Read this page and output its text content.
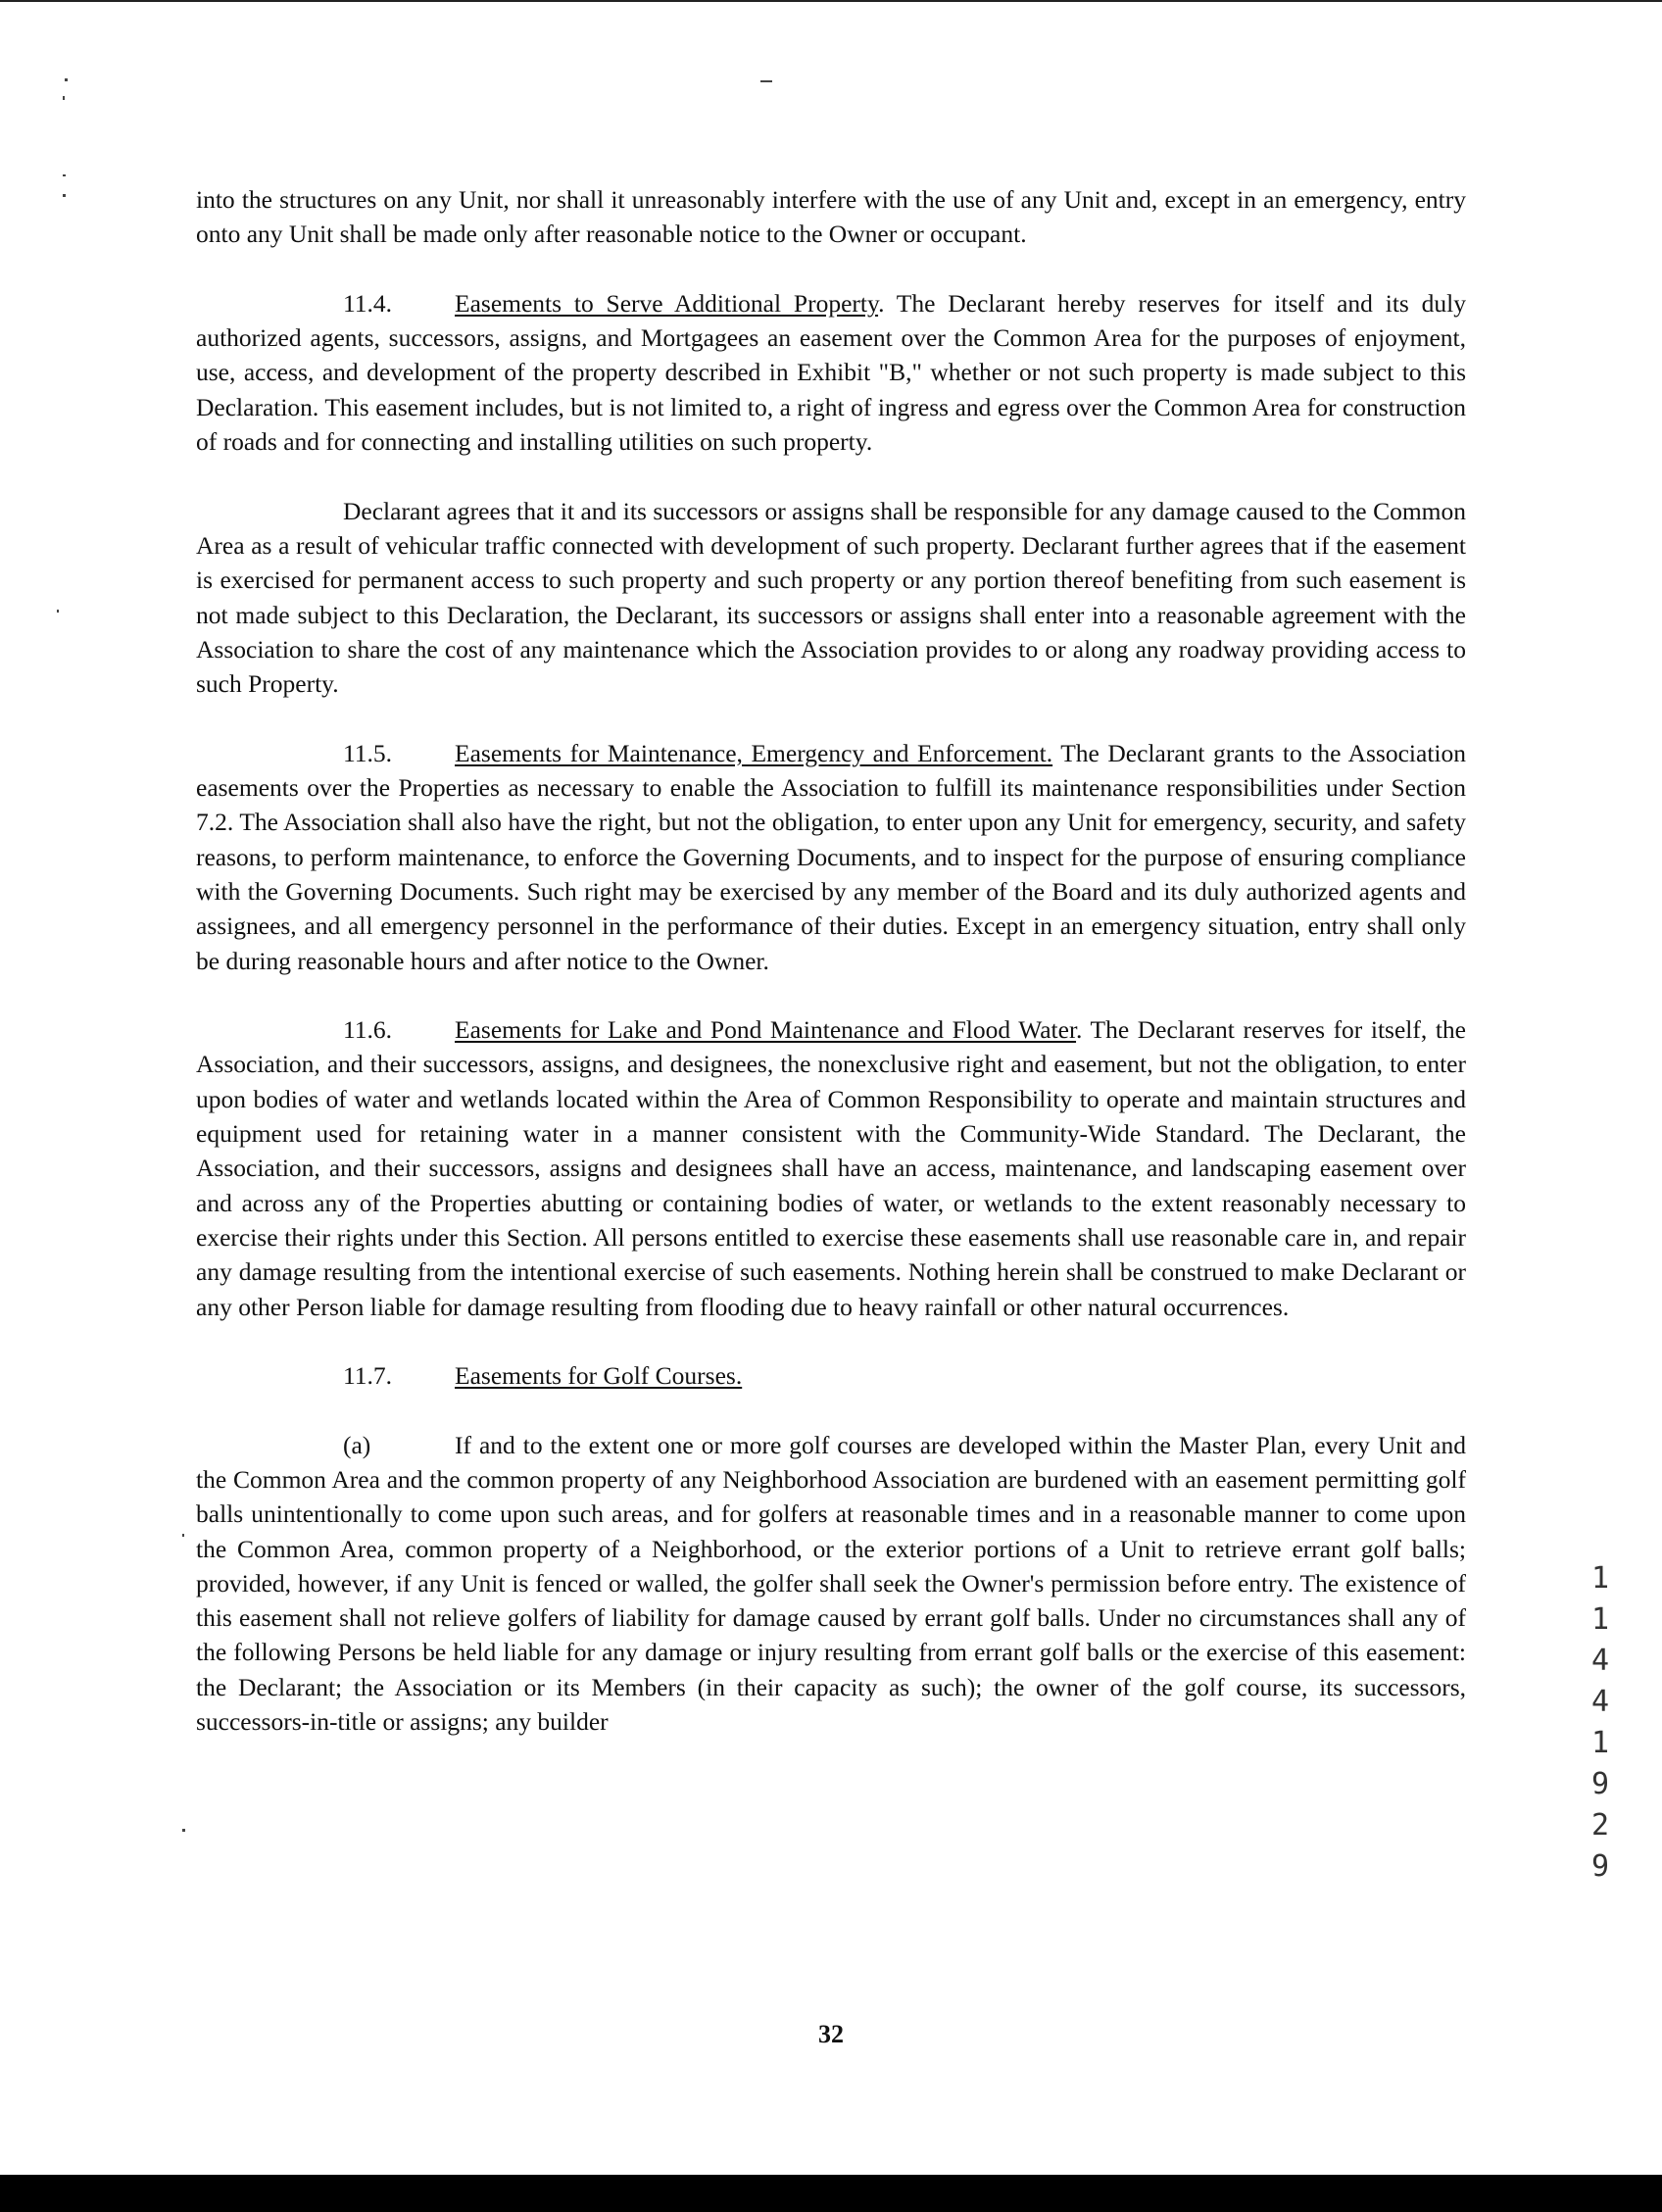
into the structures on any Unit, nor shall it unreasonably interfere with the use of any Unit and, except in an emergency, entry onto any Unit shall be made only after reasonable notice to the Owner or occupant.

11.4.	Easements to Serve Additional Property. The Declarant hereby reserves for itself and its duly authorized agents, successors, assigns, and Mortgagees an easement over the Common Area for the purposes of enjoyment, use, access, and development of the property described in Exhibit "B," whether or not such property is made subject to this Declaration. This easement includes, but is not limited to, a right of ingress and egress over the Common Area for construction of roads and for connecting and installing utilities on such property.

Declarant agrees that it and its successors or assigns shall be responsible for any damage caused to the Common Area as a result of vehicular traffic connected with development of such property. Declarant further agrees that if the easement is exercised for permanent access to such property and such property or any portion thereof benefiting from such easement is not made subject to this Declaration, the Declarant, its successors or assigns shall enter into a reasonable agreement with the Association to share the cost of any maintenance which the Association provides to or along any roadway providing access to such Property.

11.5.	Easements for Maintenance, Emergency and Enforcement. The Declarant grants to the Association easements over the Properties as necessary to enable the Association to fulfill its maintenance responsibilities under Section 7.2. The Association shall also have the right, but not the obligation, to enter upon any Unit for emergency, security, and safety reasons, to perform maintenance, to enforce the Governing Documents, and to inspect for the purpose of ensuring compliance with the Governing Documents. Such right may be exercised by any member of the Board and its duly authorized agents and assignees, and all emergency personnel in the performance of their duties. Except in an emergency situation, entry shall only be during reasonable hours and after notice to the Owner.

11.6.	Easements for Lake and Pond Maintenance and Flood Water. The Declarant reserves for itself, the Association, and their successors, assigns, and designees, the nonexclusive right and easement, but not the obligation, to enter upon bodies of water and wetlands located within the Area of Common Responsibility to operate and maintain structures and equipment used for retaining water in a manner consistent with the Community-Wide Standard. The Declarant, the Association, and their successors, assigns and designees shall have an access, maintenance, and landscaping easement over and across any of the Properties abutting or containing bodies of water, or wetlands to the extent reasonably necessary to exercise their rights under this Section. All persons entitled to exercise these easements shall use reasonable care in, and repair any damage resulting from the intentional exercise of such easements. Nothing herein shall be construed to make Declarant or any other Person liable for damage resulting from flooding due to heavy rainfall or other natural occurrences.

11.7.	Easements for Golf Courses.

(a)	If and to the extent one or more golf courses are developed within the Master Plan, every Unit and the Common Area and the common property of any Neighborhood Association are burdened with an easement permitting golf balls unintentionally to come upon such areas, and for golfers at reasonable times and in a reasonable manner to come upon the Common Area, common property of a Neighborhood, or the exterior portions of a Unit to retrieve errant golf balls; provided, however, if any Unit is fenced or walled, the golfer shall seek the Owner's permission before entry. The existence of this easement shall not relieve golfers of liability for damage caused by errant golf balls. Under no circumstances shall any of the following Persons be held liable for any damage or injury resulting from errant golf balls or the exercise of this easement: the Declarant; the Association or its Members (in their capacity as such); the owner of the golf course, its successors, successors-in-title or assigns; any builder

1144 1929
32
